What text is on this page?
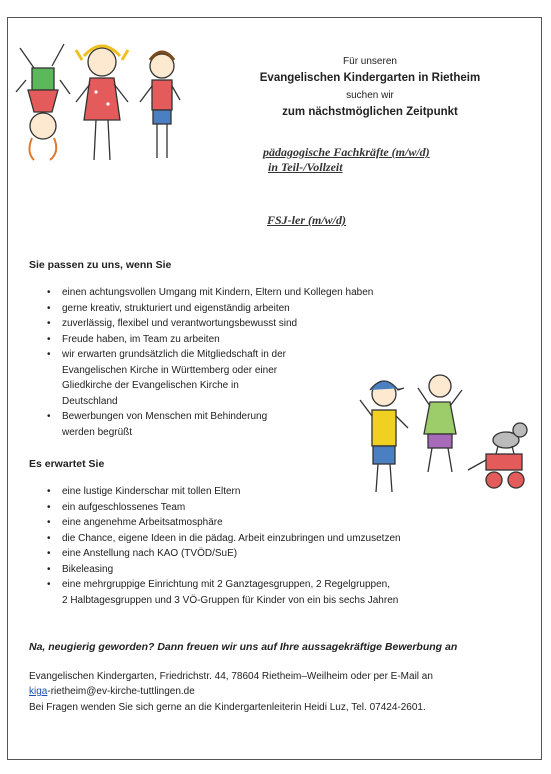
Für unseren
Evangelischen Kindergarten in Rietheim
suchen wir
zum nächstmöglichen Zeitpunkt
pädagogische Fachkräfte (m/w/d)
in Teil-/Vollzeit
FSJ-ler (m/w/d)
Sie passen zu uns, wenn Sie
• einen achtungsvollen Umgang mit Kindern, Eltern und Kollegen haben
• gerne kreativ, strukturiert und eigenständig arbeiten
• zuverlässig, flexibel und verantwortungsbewusst sind
• Freude haben, im Team zu arbeiten
• wir erwarten grundsätzlich die Mitgliedschaft in der
Evangelischen Kirche in Württemberg oder einer
Gliedkirche der Evangelischen Kirche in
Deutschland
• Bewerbungen von Menschen mit Behinderung
werden begrüßt
Es erwartet Sie
• eine lustige Kinderschar mit tollen Eltern
• ein aufgeschlossenes Team
• eine angenehme Arbeitsatmosphäre
• die Chance, eigene Ideen in die pädag. Arbeit einzubringen und umzusetzen
• eine Anstellung nach KAO (TVÖD/SuE)
• Bikeleasing
• eine mehrgruppige Einrichtung mit 2 Ganztagesgruppen, 2 Regelgruppen,
2 Halbtagesgruppen und 3 VÖ-Gruppen für Kinder von ein bis sechs Jahren
Na, neugierig geworden? Dann freuen wir uns auf Ihre aussagekräftige Bewerbung an
Evangelischen Kindergarten, Friedrichstr. 44, 78604 Rietheim–Weilheim oder per E-Mail an
kiga-rietheim@ev-kirche-tuttlingen.de
Bei Fragen wenden Sie sich gerne an die Kindergartenleiterin Heidi Luz, Tel. 07424-2601.
